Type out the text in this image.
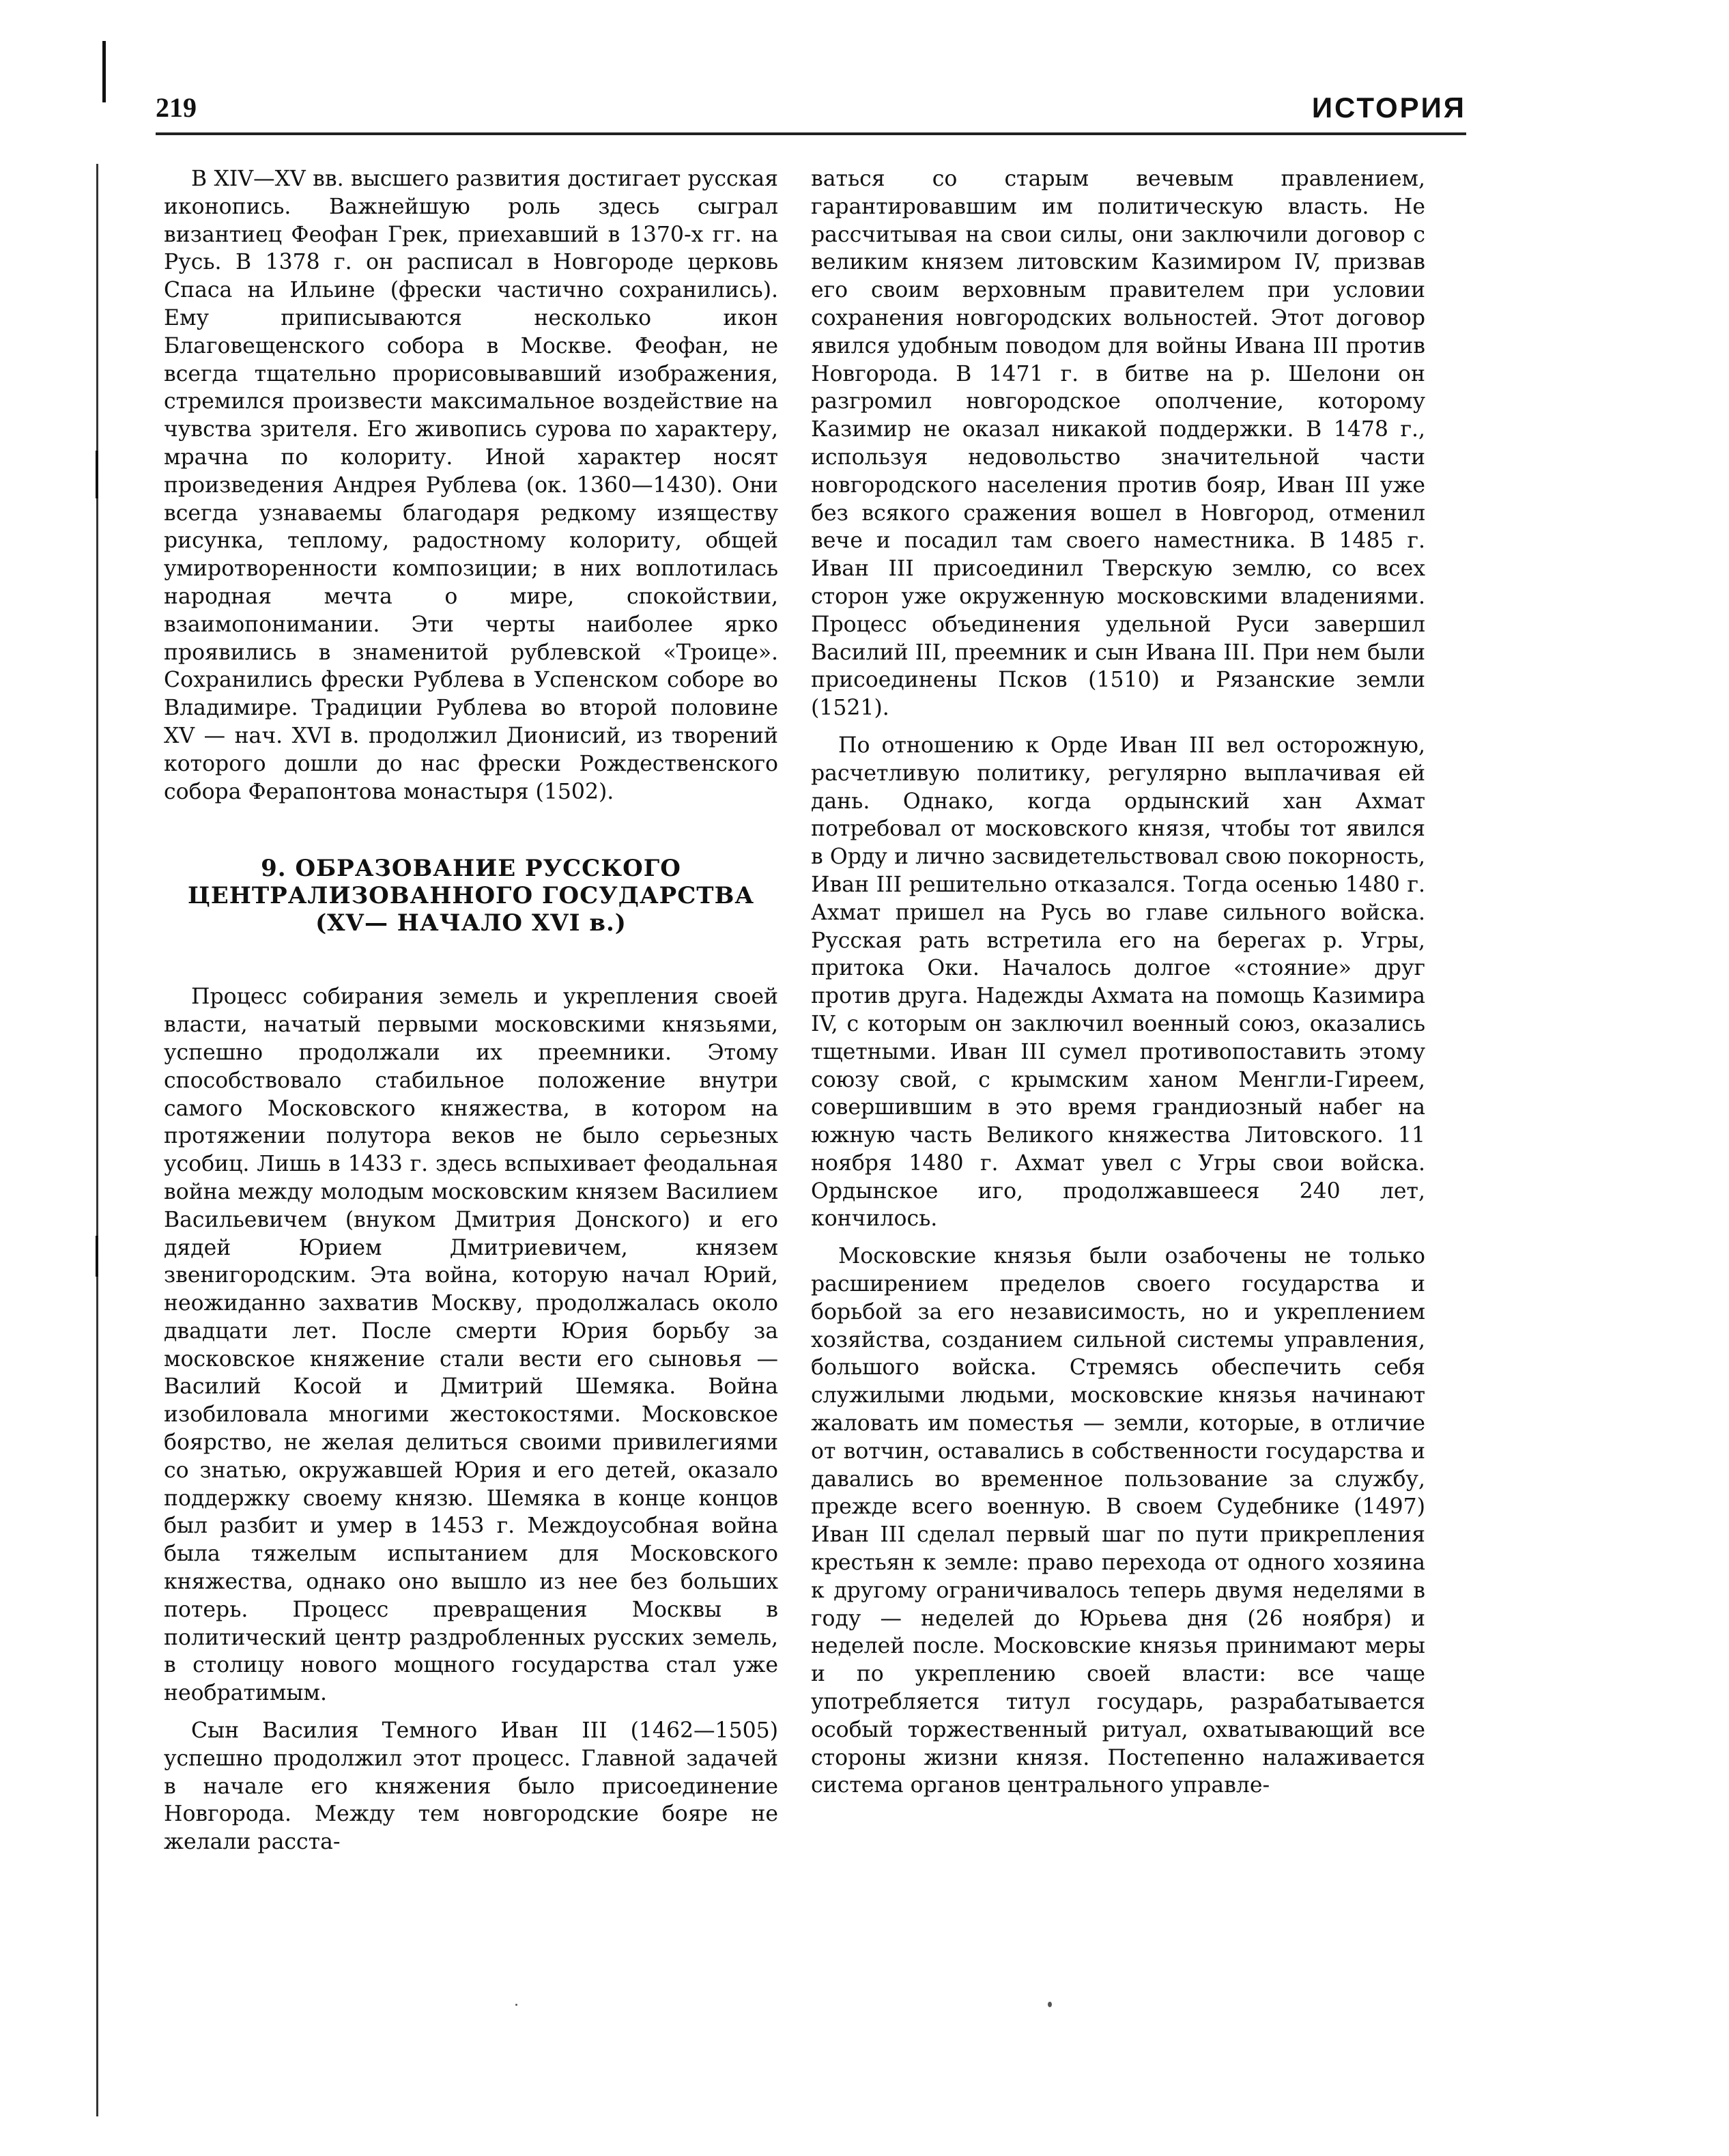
219	ИСТОРИЯ

В XIV—XV вв. высшего развития достигает русская иконопись. Важнейшую роль здесь сыграл византиец Феофан Грек, приехавший в 1370-х гг. на Русь. В 1378 г. он расписал в Новгороде церковь Спаса на Ильине (фрески частично сохранились). Ему приписываются несколько икон Благовещенского собора в Москве. Феофан, не всегда тщательно прорисовывавший изображения, стремился произвести максимальное воздействие на чувства зрителя. Его живопись сурова по характеру, мрачна по колориту. Иной характер носят произведения Андрея Рублева (ок. 1360—1430). Они всегда узнаваемы благодаря редкому изяществу рисунка, теплому, радостному колориту, общей умиротворенности композиции; в них воплотилась народная мечта о мире, спокойствии, взаимопонимании. Эти черты наиболее ярко проявились в знаменитой рублевской «Троице». Сохранились фрески Рублева в Успенском соборе во Владимире. Традиции Рублева во второй половине XV — нач. XVI в. продолжил Дионисий, из творений которого дошли до нас фрески Рождественского собора Ферапонтова монастыря (1502).

9. ОБРАЗОВАНИЕ РУССКОГО
ЦЕНТРАЛИЗОВАННОГО ГОСУДАРСТВА
(XV— НАЧАЛО XVI в.)

Процесс собирания земель и укрепления своей власти, начатый первыми московскими князьями, успешно продолжали их преемники. Этому способствовало стабильное положение внутри самого Московского княжества, в котором на протяжении полутора веков не было серьезных усобиц. Лишь в 1433 г. здесь вспыхивает феодальная война между молодым московским князем Василием Васильевичем (внуком Дмитрия Донского) и его дядей Юрием Дмитриевичем, князем звенигородским. Эта война, которую начал Юрий, неожиданно захватив Москву, продолжалась около двадцати лет. После смерти Юрия борьбу за московское княжение стали вести его сыновья — Василий Косой и Дмитрий Шемяка. Война изобиловала многими жестокостями. Московское боярство, не желая делиться своими привилегиями со знатью, окружавшей Юрия и его детей, оказало поддержку своему князю. Шемяка в конце концов был разбит и умер в 1453 г. Междоусобная война была тяжелым испытанием для Московского княжества, однако оно вышло из нее без больших потерь. Процесс превращения Москвы в политический центр раздробленных русских земель, в столицу нового мощного государства стал уже необратимым.

Сын Василия Темного Иван III (1462—1505) успешно продолжил этот процесс. Главной задачей в начале его княжения было присоединение Новгорода. Между тем новгородские бояре не желали расста-

ваться со старым вечевым правлением, гарантировавшим им политическую власть. Не рассчитывая на свои силы, они заключили договор с великим князем литовским Казимиром IV, призвав его своим верховным правителем при условии сохранения новгородских вольностей. Этот договор явился удобным поводом для войны Ивана III против Новгорода. В 1471 г. в битве на р. Шелони он разгромил новгородское ополчение, которому Казимир не оказал никакой поддержки. В 1478 г., используя недовольство значительной части новгородского населения против бояр, Иван III уже без всякого сражения вошел в Новгород, отменил вече и посадил там своего наместника. В 1485 г. Иван III присоединил Тверскую землю, со всех сторон уже окруженную московскими владениями. Процесс объединения удельной Руси завершил Василий III, преемник и сын Ивана III. При нем были присоединены Псков (1510) и Рязанские земли (1521).

По отношению к Орде Иван III вел осторожную, расчетливую политику, регулярно выплачивая ей дань. Однако, когда ордынский хан Ахмат потребовал от московского князя, чтобы тот явился в Орду и лично засвидетельствовал свою покорность, Иван III решительно отказался. Тогда осенью 1480 г. Ахмат пришел на Русь во главе сильного войска. Русская рать встретила его на берегах р. Угры, притока Оки. Началось долгое «стояние» друг против друга. Надежды Ахмата на помощь Казимира IV, с которым он заключил военный союз, оказались тщетными. Иван III сумел противопоставить этому союзу свой, с крымским ханом Менгли-Гиреем, совершившим в это время грандиозный набег на южную часть Великого княжества Литовского. 11 ноября 1480 г. Ахмат увел с Угры свои войска. Ордынское иго, продолжавшееся 240 лет, кончилось.

Московские князья были озабочены не только расширением пределов своего государства и борьбой за его независимость, но и укреплением хозяйства, созданием сильной системы управления, большого войска. Стремясь обеспечить себя служилыми людьми, московские князья начинают жаловать им поместья — земли, которые, в отличие от вотчин, оставались в собственности государства и давались во временное пользование за службу, прежде всего военную. В своем Судебнике (1497) Иван III сделал первый шаг по пути прикрепления крестьян к земле: право перехода от одного хозяина к другому ограничивалось теперь двумя неделями в году — неделей до Юрьева дня (26 ноября) и неделей после. Московские князья принимают меры и по укреплению своей власти: все чаще употребляется титул государь, разрабатывается особый торжественный ритуал, охватывающий все стороны жизни князя. Постепенно налаживается система органов центрального управле-
